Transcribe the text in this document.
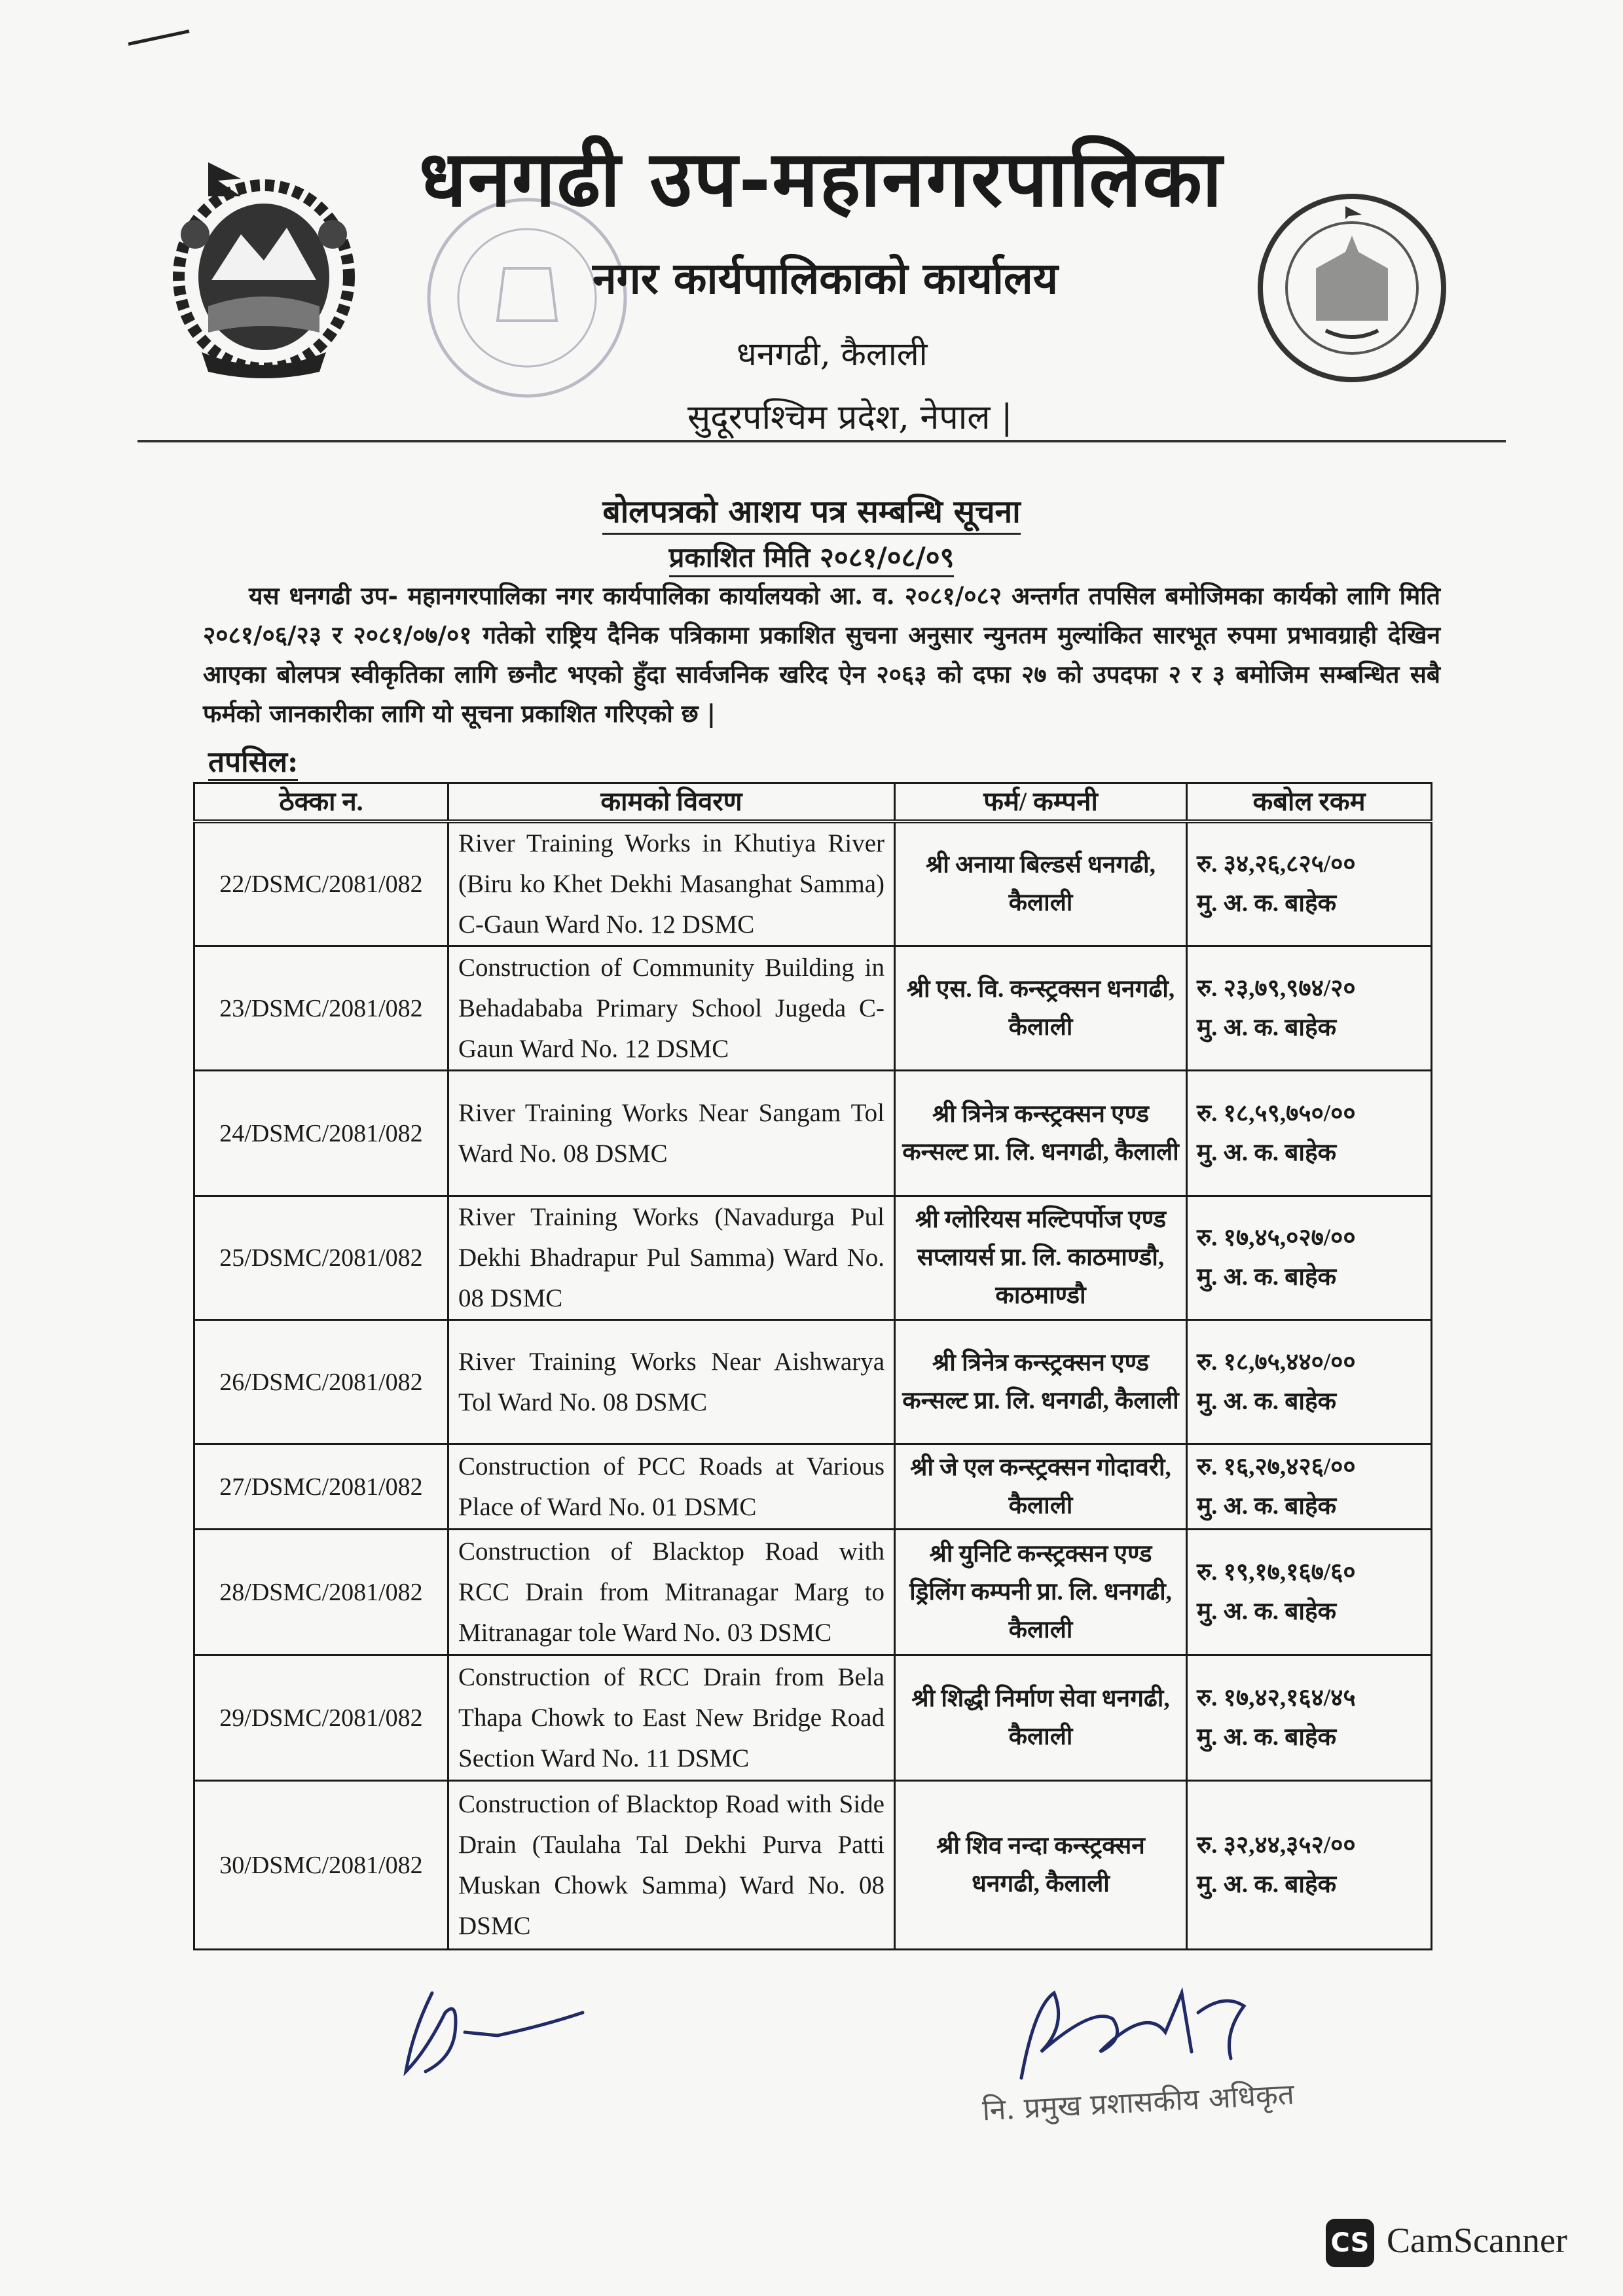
धनगढी उप-महानगरपालिका
नगर कार्यपालिकाको कार्यालय
धनगढी, कैलाली
सुदूरपश्चिम प्रदेश, नेपाल |
बोलपत्रको आशय पत्र सम्बन्धि सूचना
प्रकाशित मिति २०८१/०८/०९
यस धनगढी उप- महानगरपालिका नगर कार्यपालिका कार्यालयको आ. व. २०८१/०८२ अन्तर्गत तपसिल बमोजिमका कार्यको लागि मिति २०८१/०६/२३ र २०८१/०७/०१ गतेको राष्ट्रिय दैनिक पत्रिकामा प्रकाशित सुचना अनुसार न्युनतम मुल्यांकित सारभूत रुपमा प्रभावग्राही देखिन आएका बोलपत्र स्वीकृतिका लागि छनौट भएको हुँदा सार्वजनिक खरिद ऐन २०६३ को दफा २७ को उपदफा २ र ३ बमोजिम सम्बन्धित सबै फर्मको जानकारीका लागि यो सूचना प्रकाशित गरिएको छ |
तपसिल:
ठेक्का न.	कामको विवरण	फर्म/ कम्पनी	कबोल रकम
22/DSMC/2081/082	River Training Works in Khutiya River (Biru ko Khet Dekhi Masanghat Samma) C-Gaun Ward No. 12 DSMC	श्री अनाया बिल्डर्स धनगढी, कैलाली	रु. ३४,२६,८२५/००
मु. अ. क. बाहेक

23/DSMC/2081/082	Construction of Community Building in Behadababa Primary School Jugeda C-Gaun Ward No. 12 DSMC	श्री एस. वि. कन्स्ट्रक्सन धनगढी, कैलाली	रु. २३,७९,९७४/२०
मु. अ. क. बाहेक

24/DSMC/2081/082	River Training Works Near Sangam Tol Ward No. 08 DSMC	श्री त्रिनेत्र कन्स्ट्रक्सन एण्ड कन्सल्ट प्रा. लि. धनगढी, कैलाली	रु. १८,५९,७५०/००
मु. अ. क. बाहेक

25/DSMC/2081/082	River Training Works (Navadurga Pul Dekhi Bhadrapur Pul Samma) Ward No. 08 DSMC	श्री ग्लोरियस मल्टिपर्पोज एण्ड सप्लायर्स प्रा. लि. काठमाण्डौ, काठमाण्डौ	रु. १७,४५,०२७/००
मु. अ. क. बाहेक

26/DSMC/2081/082	River Training Works Near Aishwarya Tol Ward No. 08 DSMC	श्री त्रिनेत्र कन्स्ट्रक्सन एण्ड कन्सल्ट प्रा. लि. धनगढी, कैलाली	रु. १८,७५,४४०/००
मु. अ. क. बाहेक

27/DSMC/2081/082	Construction of PCC Roads at Various Place of Ward No. 01 DSMC	श्री जे एल कन्स्ट्रक्सन गोदावरी, कैलाली	रु. १६,२७,४२६/००
मु. अ. क. बाहेक

28/DSMC/2081/082	Construction of Blacktop Road with RCC Drain from Mitranagar Marg to Mitranagar tole Ward No. 03 DSMC	श्री युनिटि कन्स्ट्रक्सन एण्ड ड्रिलिंग कम्पनी प्रा. लि. धनगढी, कैलाली	रु. १९,१७,१६७/६०
मु. अ. क. बाहेक

29/DSMC/2081/082	Construction of RCC Drain from Bela Thapa Chowk to East New Bridge Road Section Ward No. 11 DSMC	श्री शिद्धी निर्माण सेवा धनगढी, कैलाली	रु. १७,४२,१६४/४५
मु. अ. क. बाहेक

30/DSMC/2081/082	Construction of Blacktop Road with Side Drain (Taulaha Tal Dekhi Purva Patti Muskan Chowk Samma) Ward No. 08 DSMC	श्री शिव नन्दा कन्स्ट्रक्सन धनगढी, कैलाली	रु. ३२,४४,३५२/००
मु. अ. क. बाहेक
नि. प्रमुख प्रशासकीय अधिकृत
CS CamScanner
